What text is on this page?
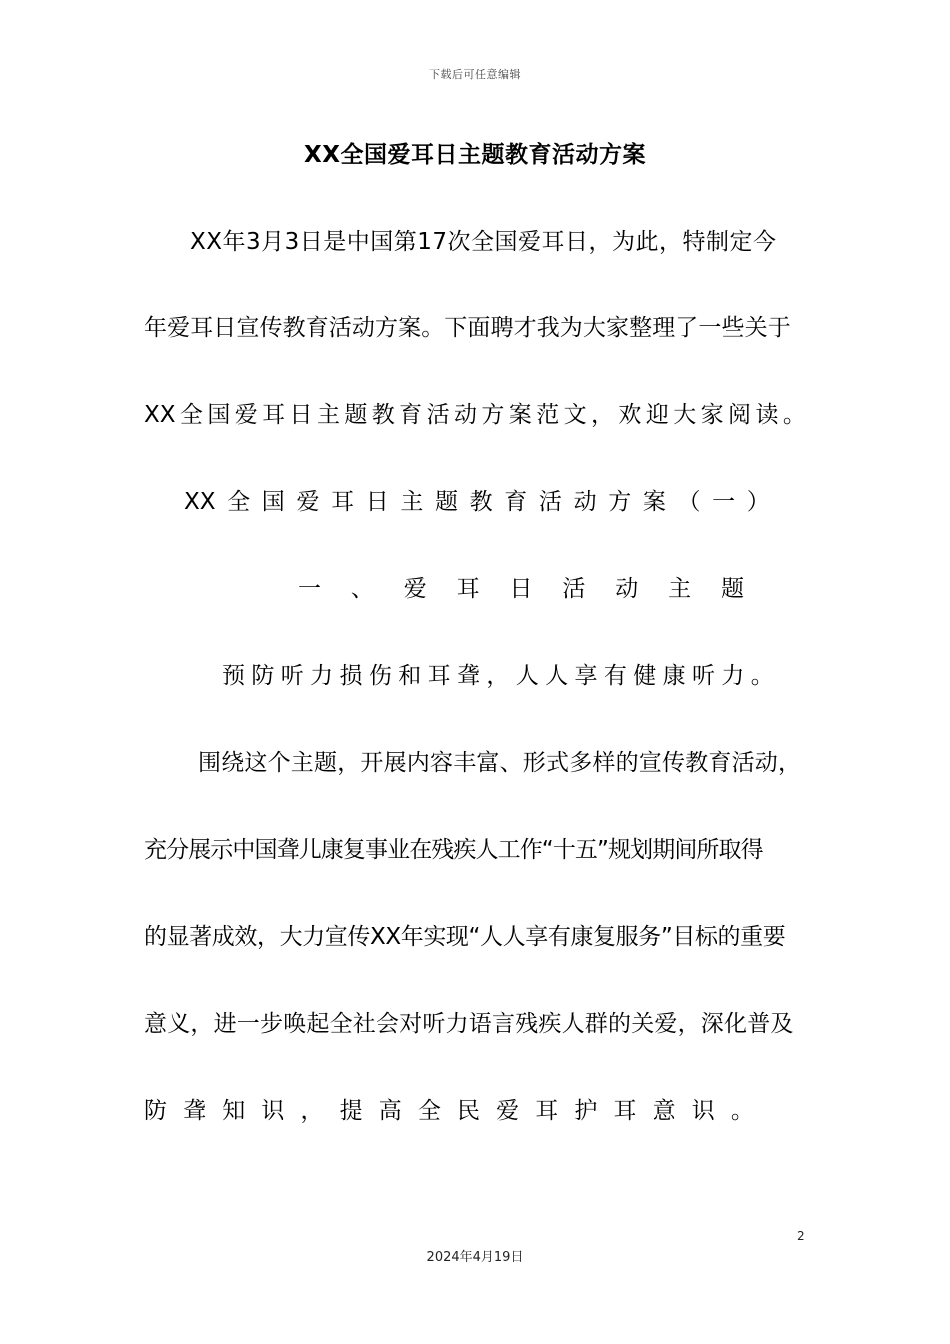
下载后可任意编辑
XX全国爱耳日主题教育活动方案
XX年3月3日是中国第17次全国爱耳日，为此，特制定今
年爱耳日宣传教育活动方案。下面聘才我为大家整理了一些关于
XX 全 国 爱 耳 日 主 题 教 育 活 动 方 案 范 文 ， 欢 迎 大 家 阅 读 。
XX 全 国 爱 耳 日 主 题 教 育 活 动 方 案 （ 一 ）
一 、 爱 耳 日 活 动 主 题
预 防 听 力 损 伤 和 耳 聋 ， 人 人 享 有 健 康 听 力 。
围绕这个主题，开展内容丰富、形式多样的宣传教育活动，
充分展示中国聋儿康复事业在残疾人工作“十五”规划期间所取得
的显著成效，大力宣传XX年实现“人人享有康复服务”目标的重要
意义，进一步唤起全社会对听力语言残疾人群的关爱，深化普及
防 聋 知 识 ， 提 高 全 民 爱 耳 护 耳 意 识 。
2
2024年4月19日
